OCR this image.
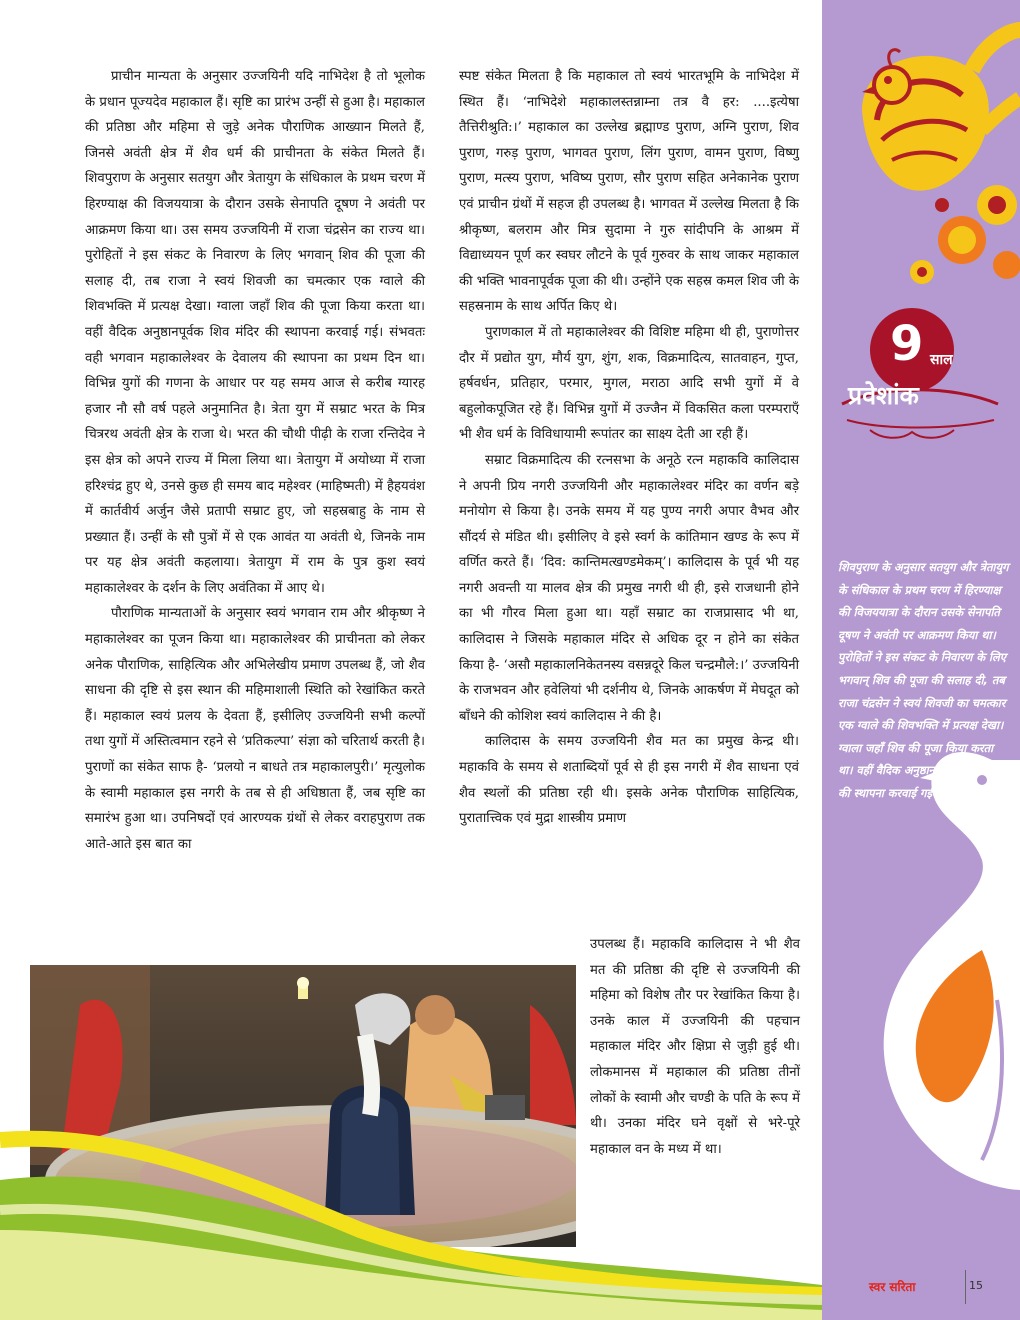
9 साल
प्रवेशांक
शिवपुराण के अनुसार सतयुग और त्रेतायुग के संधिकाल के प्रथम चरण में हिरण्याक्ष की विजययात्रा के दौरान उसके सेनापति दूषण ने अवंती पर आक्रमण किया था। पुरोहितों ने इस संकट के निवारण के लिए भगवान् शिव की पूजा की सलाह दी, तब राजा चंद्रसेन ने स्वयं शिवजी का चमत्कार एक ग्वाले की शिवभक्ति में प्रत्यक्ष देखा। ग्वाला जहाँ शिव की पूजा किया करता था। वहीं वैदिक अनुष्ठानपूर्वक शिव मंदिर की स्थापना करवाई गई।

प्राचीन मान्यता के अनुसार उज्जयिनी यदि नाभिदेश है तो भूलोक के प्रधान पूज्यदेव महाकाल हैं। सृष्टि का प्रारंभ उन्हीं से हुआ है। महाकाल की प्रतिष्ठा और महिमा से जुड़े अनेक पौराणिक आख्यान मिलते हैं, जिनसे अवंती क्षेत्र में शैव धर्म की प्राचीनता के संकेत मिलते हैं। शिवपुराण के अनुसार सतयुग और त्रेतायुग के संधिकाल के प्रथम चरण में हिरण्याक्ष की विजययात्रा के दौरान उसके सेनापति दूषण ने अवंती पर आक्रमण किया था। उस समय उज्जयिनी में राजा चंद्रसेन का राज्य था। पुरोहितों ने इस संकट के निवारण के लिए भगवान् शिव की पूजा की सलाह दी, तब राजा ने स्वयं शिवजी का चमत्कार एक ग्वाले की शिवभक्ति में प्रत्यक्ष देखा। ग्वाला जहाँ शिव की पूजा किया करता था। वहीं वैदिक अनुष्ठानपूर्वक शिव मंदिर की स्थापना करवाई गई। संभवतः वही भगवान महाकालेश्वर के देवालय की स्थापना का प्रथम दिन था। विभिन्न युगों की गणना के आधार पर यह समय आज से करीब ग्यारह हजार नौ सौ वर्ष पहले अनुमानित है। त्रेता युग में सम्राट भरत के मित्र चित्ररथ अवंती क्षेत्र के राजा थे। भरत की चौथी पीढ़ी के राजा रन्तिदेव ने इस क्षेत्र को अपने राज्य में मिला लिया था। त्रेतायुग में अयोध्या में राजा हरिश्चंद्र हुए थे, उनसे कुछ ही समय बाद महेश्वर (माहिष्मती) में हैहयवंश में कार्तवीर्य अर्जुन जैसे प्रतापी सम्राट हुए, जो सहस्रबाहु के नाम से प्रख्यात हैं। उन्हीं के सौ पुत्रों में से एक आवंत या अवंती थे, जिनके नाम पर यह क्षेत्र अवंती कहलाया। त्रेतायुग में राम के पुत्र कुश स्वयं महाकालेश्वर के दर्शन के लिए अवंतिका में आए थे।

पौराणिक मान्यताओं के अनुसार स्वयं भगवान राम और श्रीकृष्ण ने महाकालेश्वर का पूजन किया था। महाकालेश्वर की प्राचीनता को लेकर अनेक पौराणिक, साहित्यिक और अभिलेखीय प्रमाण उपलब्ध हैं, जो शैव साधना की दृष्टि से इस स्थान की महिमाशाली स्थिति को रेखांकित करते हैं। महाकाल स्वयं प्रलय के देवता हैं, इसीलिए उज्जयिनी सभी कल्पों तथा युगों में अस्तित्वमान रहने से ‘प्रतिकल्पा’ संज्ञा को चरितार्थ करती है। पुराणों का संकेत साफ है- ‘प्रलयो न बाधते तत्र महाकालपुरी।’ मृत्युलोक के स्वामी महाकाल इस नगरी के तब से ही अधिष्ठाता हैं, जब सृष्टि का समारंभ हुआ था। उपनिषदों एवं आरण्यक ग्रंथों से लेकर वराहपुराण तक आते-आते इस बात का

स्पष्ट संकेत मिलता है कि महाकाल तो स्वयं भारतभूमि के नाभिदेश में स्थित हैं। ‘नाभिदेशे महाकालस्तन्नाम्ना तत्र वै हर: ....इत्येषा तैत्तिरीश्रुति:।’ महाकाल का उल्लेख ब्रह्माण्ड पुराण, अग्नि पुराण, शिव पुराण, गरुड़ पुराण, भागवत पुराण, लिंग पुराण, वामन पुराण, विष्णु पुराण, मत्स्य पुराण, भविष्य पुराण, सौर पुराण सहित अनेकानेक पुराण एवं प्राचीन ग्रंथों में सहज ही उपलब्ध है। भागवत में उल्लेख मिलता है कि श्रीकृष्ण, बलराम और मित्र सुदामा ने गुरु सांदीपनि के आश्रम में विद्याध्ययन पूर्ण कर स्वघर लौटने के पूर्व गुरुवर के साथ जाकर महाकाल की भक्ति भावनापूर्वक पूजा की थी। उन्होंने एक सहस्र कमल शिव जी के सहस्रनाम के साथ अर्पित किए थे।

पुराणकाल में तो महाकालेश्वर की विशिष्ट महिमा थी ही, पुराणोत्तर दौर में प्रद्योत युग, मौर्य युग, शुंग, शक, विक्रमादित्य, सातवाहन, गुप्त, हर्षवर्धन, प्रतिहार, परमार, मुगल, मराठा आदि सभी युगों में वे बहुलोकपूजित रहे हैं। विभिन्न युगों में उज्जैन में विकसित कला परम्पराएँ भी शैव धर्म के विविधायामी रूपांतर का साक्ष्य देती आ रही हैं।

सम्राट विक्रमादित्य की रत्नसभा के अनूठे रत्न महाकवि कालिदास ने अपनी प्रिय नगरी उज्जयिनी और महाकालेश्वर मंदिर का वर्णन बड़े मनोयोग से किया है। उनके समय में यह पुण्य नगरी अपार वैभव और सौंदर्य से मंडित थी। इसीलिए वे इसे स्वर्ग के कांतिमान खण्ड के रूप में वर्णित करते हैं। ‘दिव: कान्तिमत्खण्डमेकम्’। कालिदास के पूर्व भी यह नगरी अवन्ती या मालव क्षेत्र की प्रमुख नगरी थी ही, इसे राजधानी होने का भी गौरव मिला हुआ था। यहाँ सम्राट का राजप्रासाद भी था, कालिदास ने जिसके महाकाल मंदिर से अधिक दूर न होने का संकेत किया है- ‘असौ महाकालनिकेतनस्य वसन्नदूरे किल चन्द्रमौले:।’ उज्जयिनी के राजभवन और हवेलियां भी दर्शनीय थे, जिनके आकर्षण में मेघदूत को बाँधने की कोशिश स्वयं कालिदास ने की है।

कालिदास के समय उज्जयिनी शैव मत का प्रमुख केन्द्र थी। महाकवि के समय से शताब्दियों पूर्व से ही इस नगरी में शैव साधना एवं शैव स्थलों की प्रतिष्ठा रही थी। इसके अनेक पौराणिक साहित्यिक, पुरातात्त्विक एवं मुद्रा शास्त्रीय प्रमाण

उपलब्ध हैं। महाकवि कालिदास ने भी शैव मत की प्रतिष्ठा की दृष्टि से उज्जयिनी की महिमा को विशेष तौर पर रेखांकित किया है। उनके काल में उज्जयिनी की पहचान महाकाल मंदिर और क्षिप्रा से जुड़ी हुई थी। लोकमानस में महाकाल की प्रतिष्ठा तीनों लोकों के स्वामी और चण्डी के पति के रूप में थी। उनका मंदिर घने वृक्षों से भरे-पूरे महाकाल वन के मध्य में था।

स्वर सरिता	15
